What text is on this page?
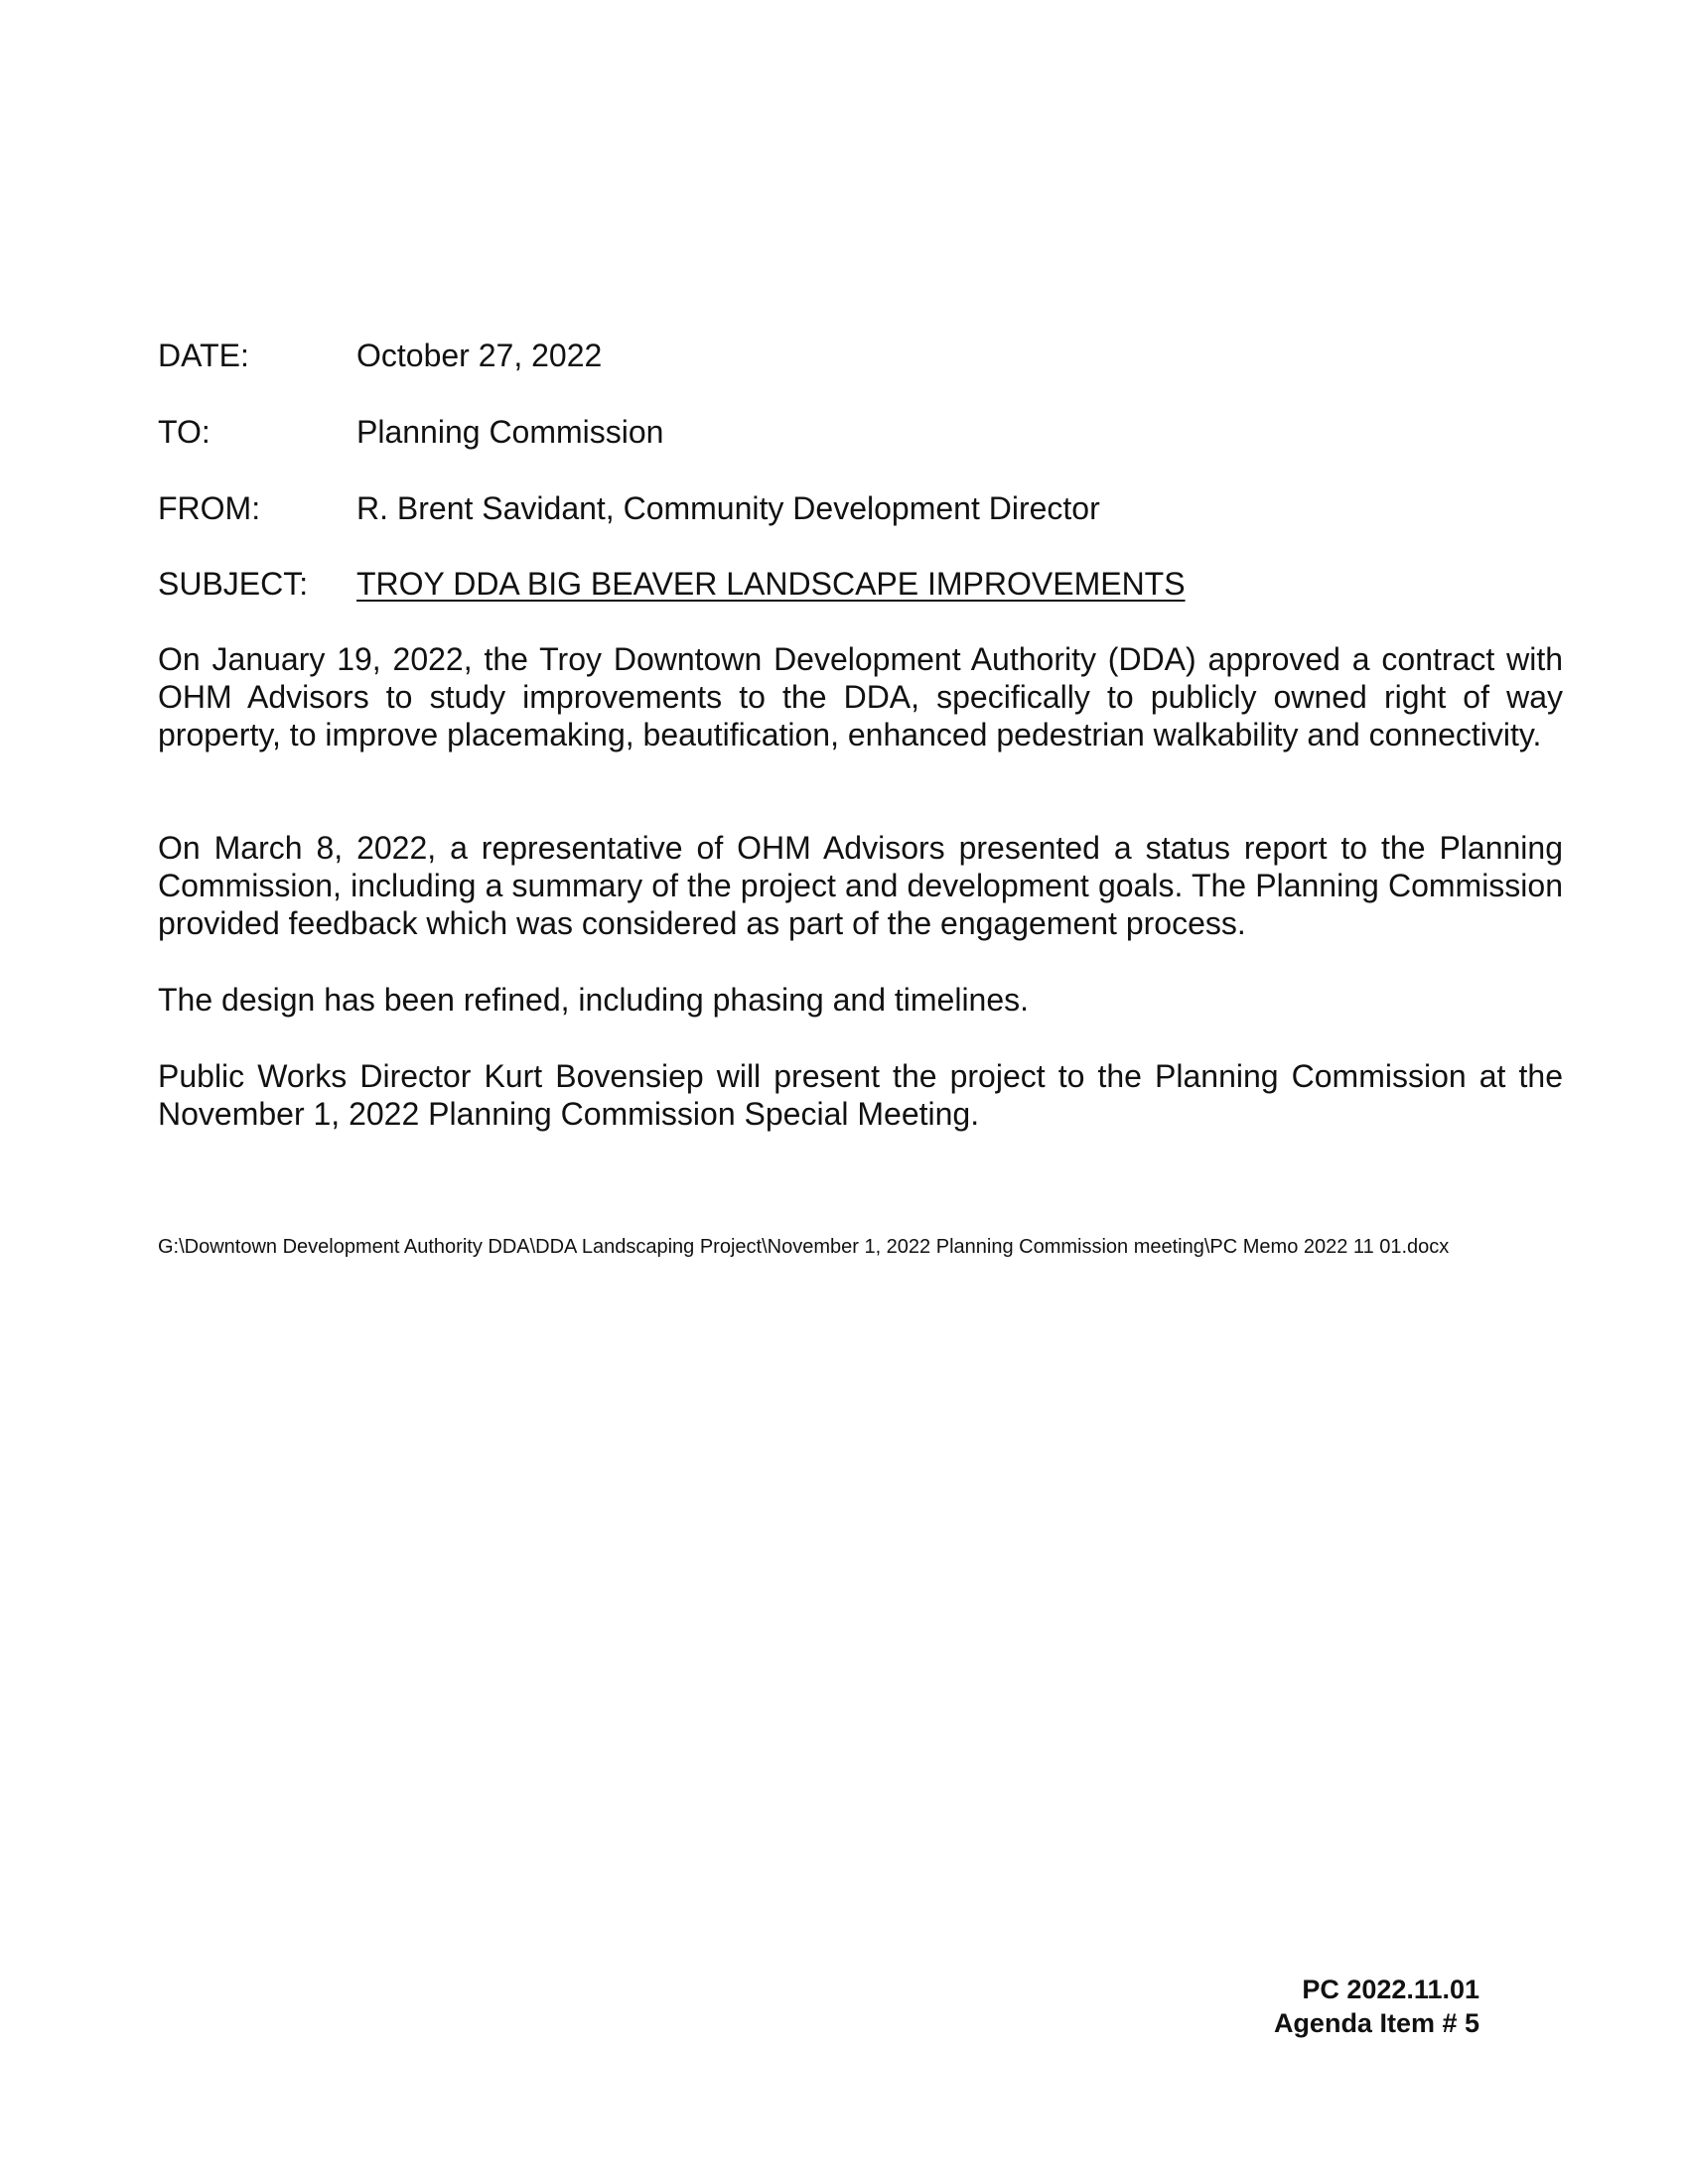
DATE:	October 27, 2022
TO:	Planning Commission
FROM:	R. Brent Savidant, Community Development Director
SUBJECT: TROY DDA BIG BEAVER LANDSCAPE IMPROVEMENTS

On January 19, 2022, the Troy Downtown Development Authority (DDA) approved a contract with OHM Advisors to study improvements to the DDA, specifically to publicly owned right of way property, to improve placemaking, beautification, enhanced pedestrian walkability and connectivity.

On March 8, 2022, a representative of OHM Advisors presented a status report to the Planning Commission, including a summary of the project and development goals. The Planning Commission provided feedback which was considered as part of the engagement process.

The design has been refined, including phasing and timelines.

Public Works Director Kurt Bovensiep will present the project to the Planning Commission at the November 1, 2022 Planning Commission Special Meeting.

G:\Downtown Development Authority DDA\DDA Landscaping Project\November 1, 2022 Planning Commission meeting\PC Memo 2022 11 01.docx

PC 2022.11.01
Agenda Item # 5
